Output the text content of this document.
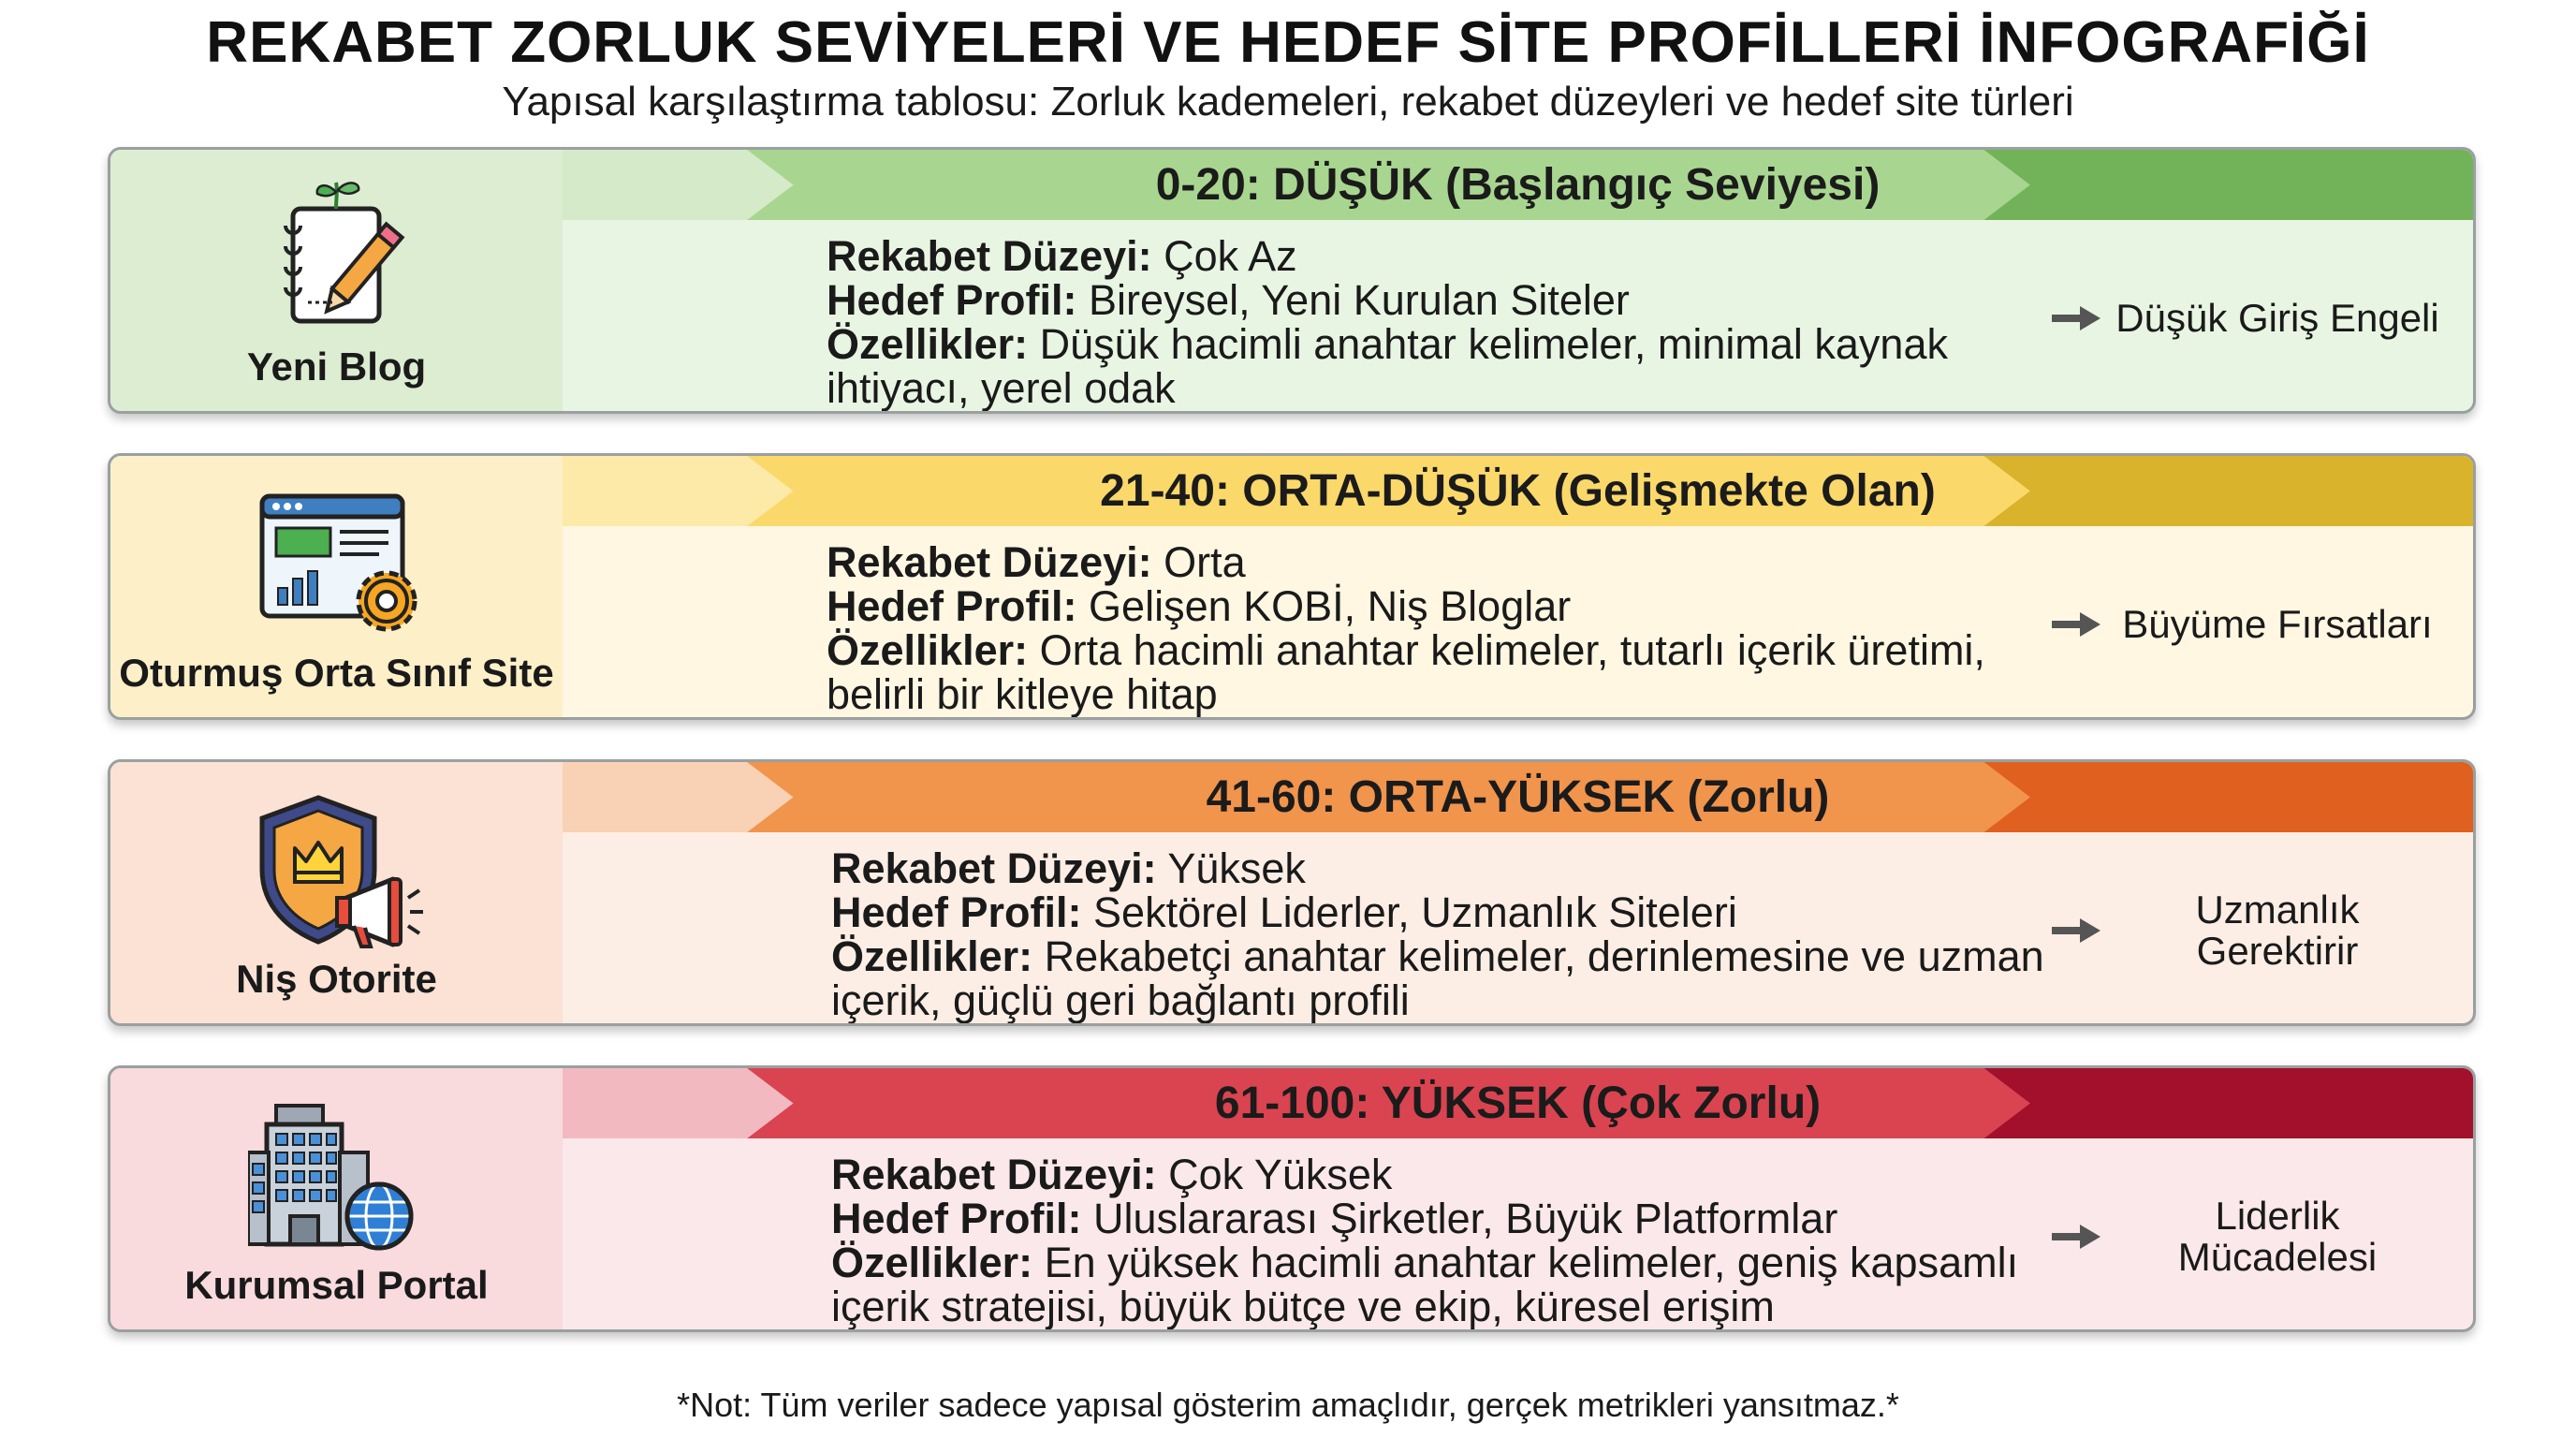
REKABET ZORLUK SEVİYELERİ VE HEDEF SİTE PROFİLLERİ İNFOGRAFİĞİ
Yapısal karşılaştırma tablosu: Zorluk kademeleri, rekabet düzeyleri ve hedef site türleri
0-20: DÜŞÜK (Başlangıç Seviyesi)
Yeni Blog
Rekabet Düzeyi: Çok Az
Hedef Profil: Bireysel, Yeni Kurulan Siteler
Özellikler: Düşük hacimli anahtar kelimeler, minimal kaynak ihtiyacı, yerel odak
Düşük Giriş Engeli
21-40: ORTA-DÜŞÜK (Gelişmekte Olan)
Oturmuş Orta Sınıf Site
Rekabet Düzeyi: Orta
Hedef Profil: Gelişen KOBİ, Niş Bloglar
Özellikler: Orta hacimli anahtar kelimeler, tutarlı içerik üretimi, belirli bir kitleye hitap
Büyüme Fırsatları
41-60: ORTA-YÜKSEK (Zorlu)
Niş Otorite
Rekabet Düzeyi: Yüksek
Hedef Profil: Sektörel Liderler, Uzmanlık Siteleri
Özellikler: Rekabetçi anahtar kelimeler, derinlemesine ve uzman içerik, güçlü geri bağlantı profili
Uzmanlık Gerektirir
61-100: YÜKSEK (Çok Zorlu)
Kurumsal Portal
Rekabet Düzeyi: Çok Yüksek
Hedef Profil: Uluslararası Şirketler, Büyük Platformlar
Özellikler: En yüksek hacimli anahtar kelimeler, geniş kapsamlı içerik stratejisi, büyük bütçe ve ekip, küresel erişim
Liderlik Mücadelesi
*Not: Tüm veriler sadece yapısal gösterim amaçlıdır, gerçek metrikleri yansıtmaz.*
